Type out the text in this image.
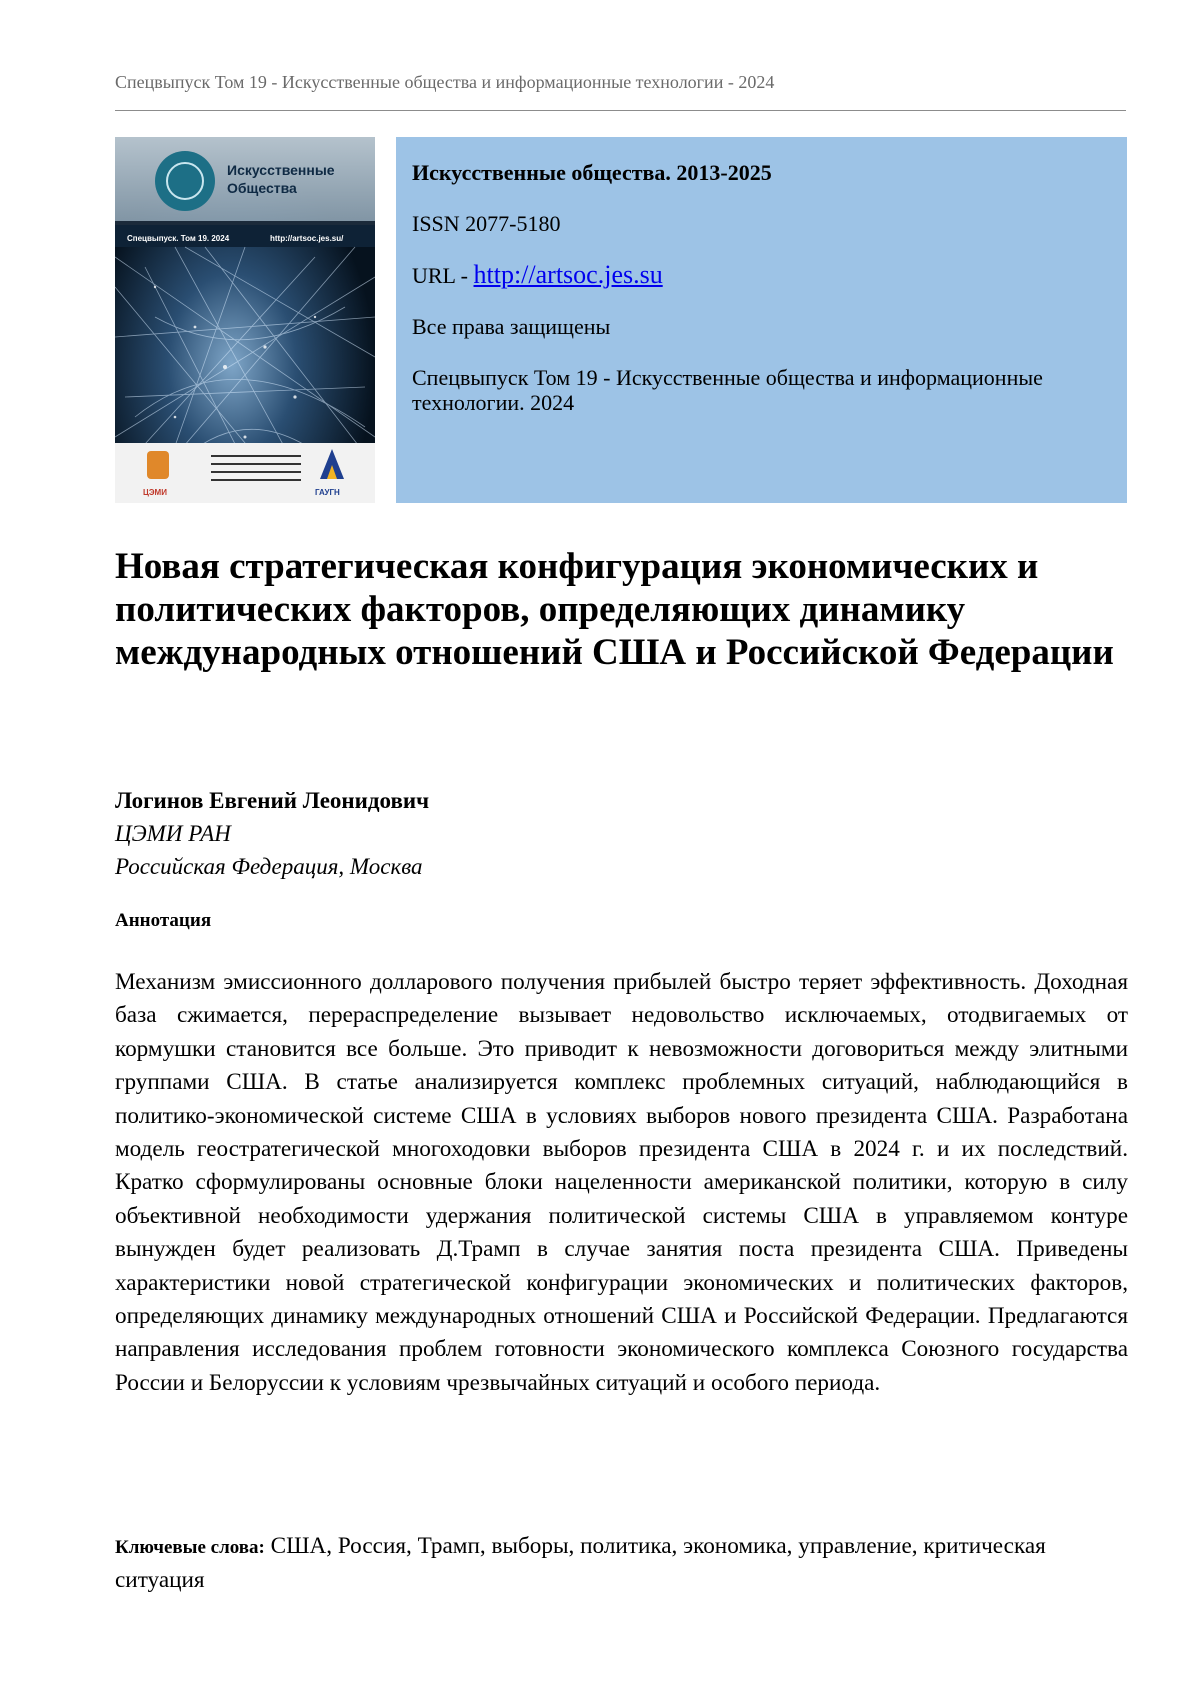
Спецвыпуск Том 19 - Искусственные общества и информационные технологии - 2024
Искусственные
Общества
Спецвыпуск. Том 19. 2024	http://artsoc.jes.su/
ЦЭМИ	ГАУГН
Искусственные общества. 2013-2025
ISSN 2077-5180
URL - http://artsoc.jes.su
Все права защищены
Спецвыпуск Том 19 - Искусственные общества и информационные технологии. 2024
Новая стратегическая конфигурация экономических и политических факторов, определяющих динамику международных отношений США и Российской Федерации
Логинов Евгений Леонидович
ЦЭМИ РАН
Российская Федерация, Москва
Аннотация

Механизм эмиссионного долларового получения прибылей быстро теряет эффективность. Доходная база сжимается, перераспределение вызывает недовольство исключаемых, отодвигаемых от кормушки становится все больше. Это приводит к невозможности договориться между элитными группами США. В статье анализируется комплекс проблемных ситуаций, наблюдающийся в политико-экономической системе США в условиях выборов нового президента США. Разработана модель геостратегической многоходовки выборов президента США в 2024 г. и их последствий. Кратко сформулированы основные блоки нацеленности американской политики, которую в силу объективной необходимости удержания политической системы США в управляемом контуре вынужден будет реализовать Д.Трамп в случае занятия поста президента США. Приведены характеристики новой стратегической конфигурации экономических и политических факторов, определяющих динамику международных отношений США и Российской Федерации. Предлагаются направления исследования проблем готовности экономического комплекса Союзного государства России и Белоруссии к условиям чрезвычайных ситуаций и особого периода.

Ключевые слова: США, Россия, Трамп, выборы, политика, экономика, управление, критическая ситуация
